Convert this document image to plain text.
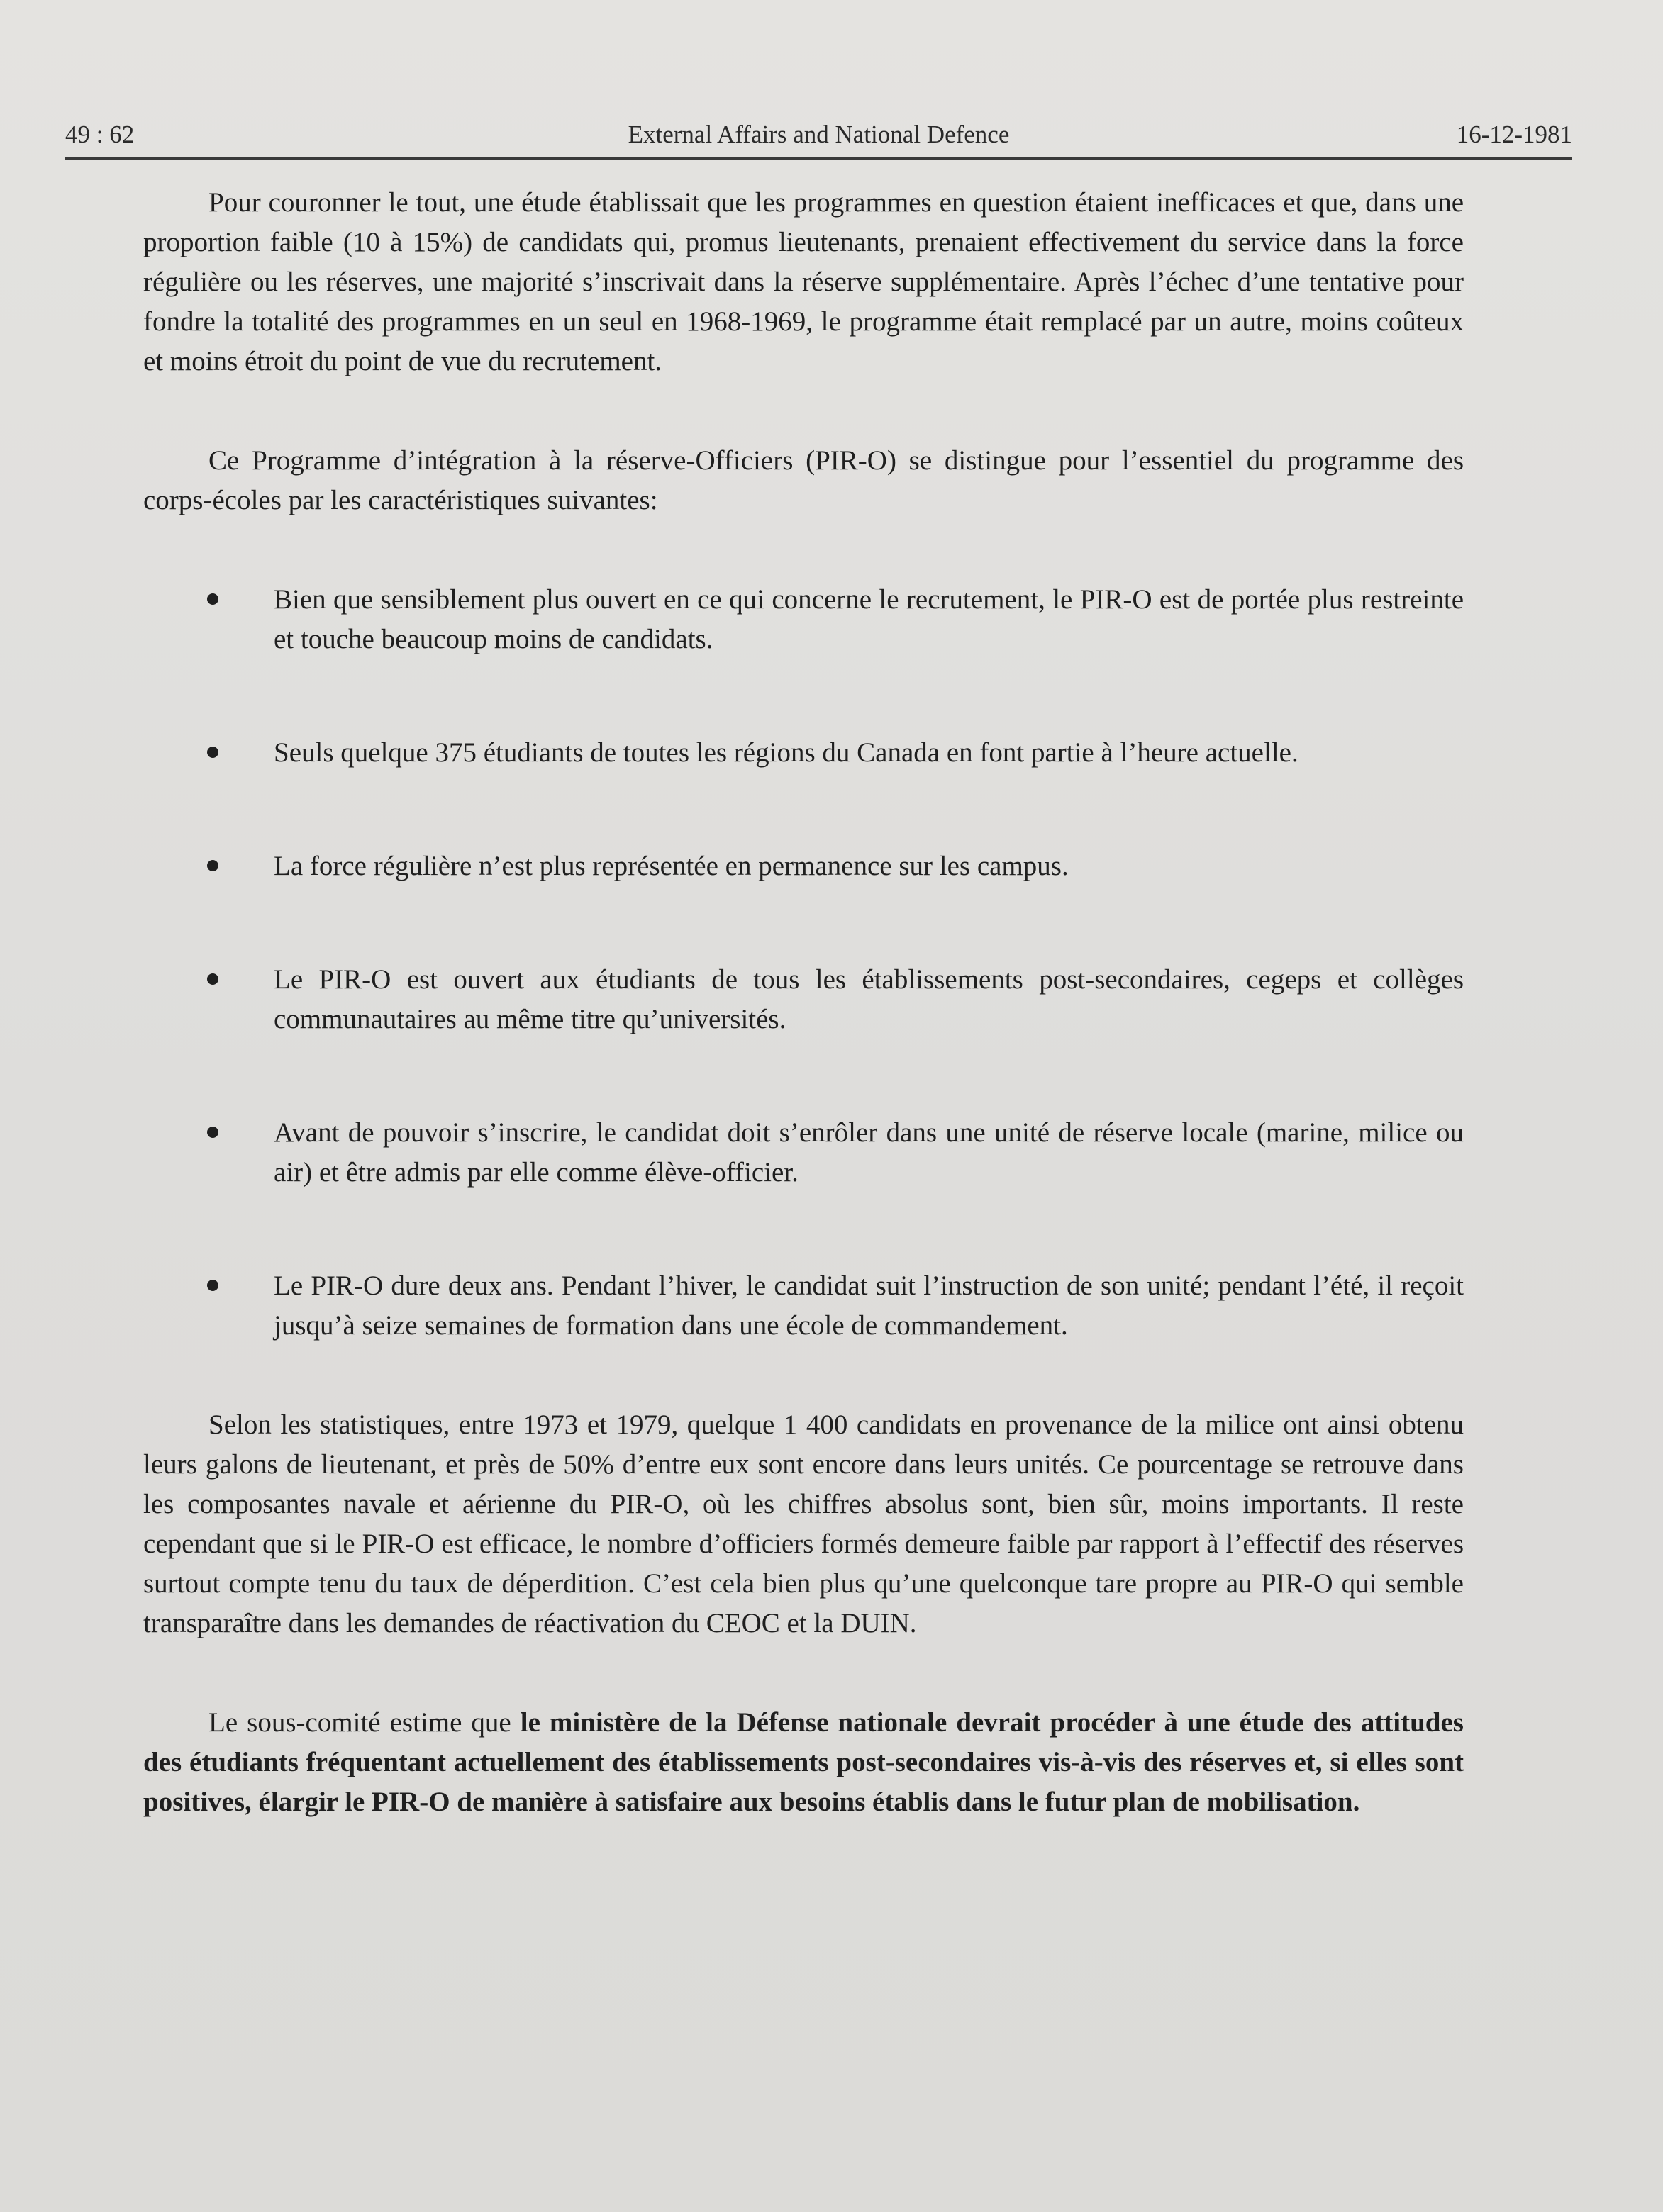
49 : 62	External Affairs and National Defence	16-12-1981

Pour couronner le tout, une étude établissait que les programmes en question étaient inefficaces et que, dans une proportion faible (10 à 15%) de candidats qui, promus lieutenants, prenaient effectivement du service dans la force régulière ou les réserves, une majorité s’inscrivait dans la réserve supplémentaire. Après l’échec d’une tentative pour fondre la totalité des programmes en un seul en 1968-1969, le programme était remplacé par un autre, moins coûteux et moins étroit du point de vue du recrutement.

Ce Programme d’intégration à la réserve-Officiers (PIR-O) se distingue pour l’essentiel du programme des corps-écoles par les caractéristiques suivantes:

Bien que sensiblement plus ouvert en ce qui concerne le recrutement, le PIR-O est de portée plus restreinte et touche beaucoup moins de candidats.
Seuls quelque 375 étudiants de toutes les régions du Canada en font partie à l’heure actuelle.
La force régulière n’est plus représentée en permanence sur les campus.
Le PIR-O est ouvert aux étudiants de tous les établissements post-secondaires, cegeps et collèges communautaires au même titre qu’universités.
Avant de pouvoir s’inscrire, le candidat doit s’enrôler dans une unité de réserve locale (marine, milice ou air) et être admis par elle comme élève-officier.
Le PIR-O dure deux ans. Pendant l’hiver, le candidat suit l’instruction de son unité; pendant l’été, il reçoit jusqu’à seize semaines de formation dans une école de commandement.

Selon les statistiques, entre 1973 et 1979, quelque 1 400 candidats en provenance de la milice ont ainsi obtenu leurs galons de lieutenant, et près de 50% d’entre eux sont encore dans leurs unités. Ce pourcentage se retrouve dans les composantes navale et aérienne du PIR-O, où les chiffres absolus sont, bien sûr, moins importants. Il reste cependant que si le PIR-O est efficace, le nombre d’officiers formés demeure faible par rapport à l’effectif des réserves surtout compte tenu du taux de déperdition. C’est cela bien plus qu’une quelconque tare propre au PIR-O qui semble transparaître dans les demandes de réactivation du CEOC et la DUIN.

Le sous-comité estime que le ministère de la Défense nationale devrait procéder à une étude des attitudes des étudiants fréquentant actuellement des établissements post-secondaires vis-à-vis des réserves et, si elles sont positives, élargir le PIR-O de manière à satisfaire aux besoins établis dans le futur plan de mobilisation.
